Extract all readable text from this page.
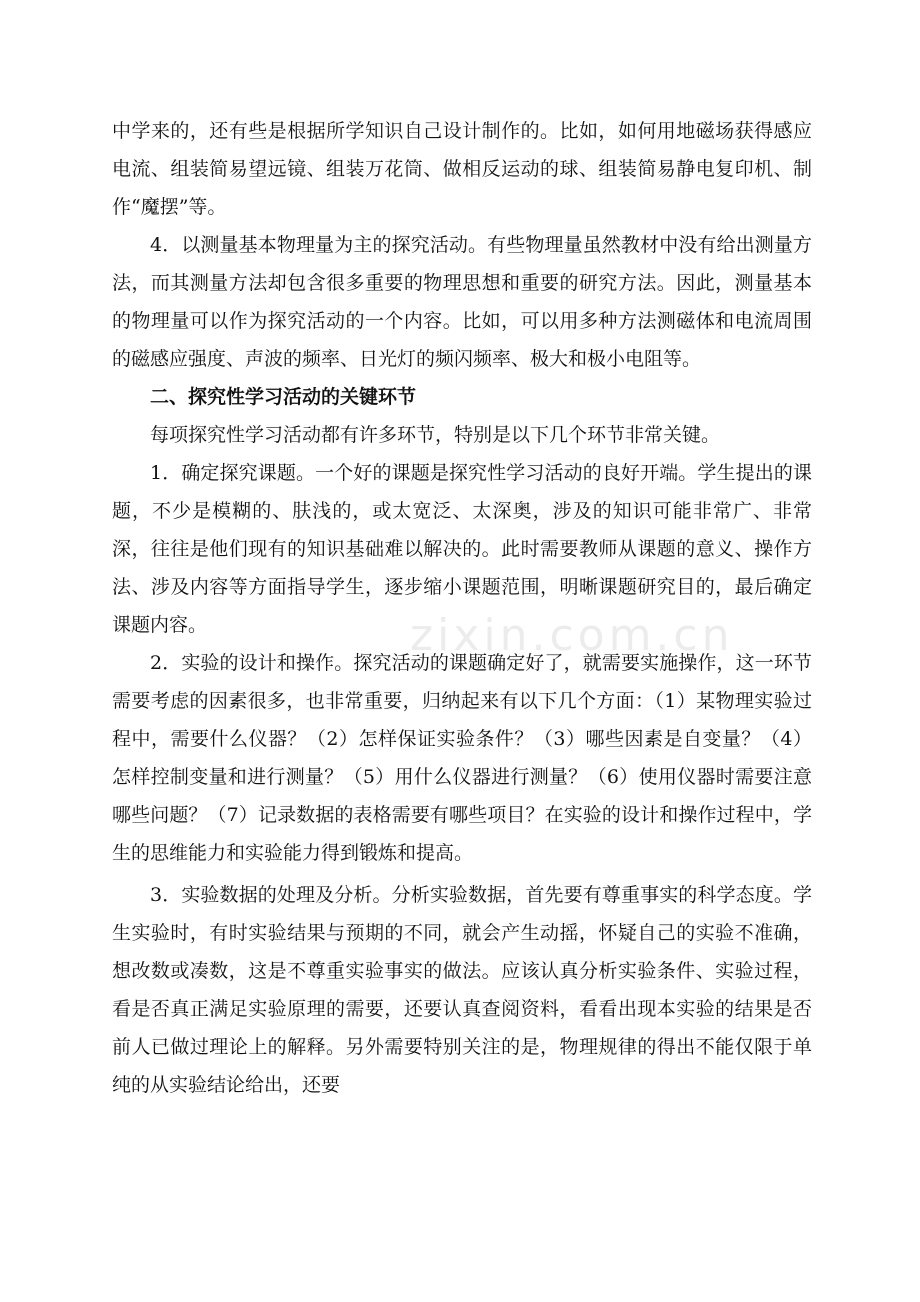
中学来的，还有些是根据所学知识自己设计制作的。比如，如何用地磁场获得感应电流、组装简易望远镜、组装万花筒、做相反运动的球、组装简易静电复印机、制作“魔摆”等。

4．以测量基本物理量为主的探究活动。有些物理量虽然教材中没有给出测量方法，而其测量方法却包含很多重要的物理思想和重要的研究方法。因此，测量基本的物理量可以作为探究活动的一个内容。比如，可以用多种方法测磁体和电流周围的磁感应强度、声波的频率、日光灯的频闪频率、极大和极小电阻等。

二、探究性学习活动的关键环节

每项探究性学习活动都有许多环节，特别是以下几个环节非常关键。

1．确定探究课题。一个好的课题是探究性学习活动的良好开端。学生提出的课题，不少是模糊的、肤浅的，或太宽泛、太深奥，涉及的知识可能非常广、非常深，往往是他们现有的知识基础难以解决的。此时需要教师从课题的意义、操作方法、涉及内容等方面指导学生，逐步缩小课题范围，明晰课题研究目的，最后确定课题内容。

2．实验的设计和操作。探究活动的课题确定好了，就需要实施操作，这一环节需要考虑的因素很多，也非常重要，归纳起来有以下几个方面：（1）某物理实验过程中，需要什么仪器？（2）怎样保证实验条件？（3）哪些因素是自变量？（4）怎样控制变量和进行测量？（5）用什么仪器进行测量？（6）使用仪器时需要注意哪些问题？（7）记录数据的表格需要有哪些项目？在实验的设计和操作过程中，学生的思维能力和实验能力得到锻炼和提高。

3．实验数据的处理及分析。分析实验数据，首先要有尊重事实的科学态度。学生实验时，有时实验结果与预期的不同，就会产生动摇，怀疑自己的实验不准确，想改数或凑数，这是不尊重实验事实的做法。应该认真分析实验条件、实验过程，看是否真正满足实验原理的需要，还要认真查阅资料，看看出现本实验的结果是否前人已做过理论上的解释。另外需要特别关注的是，物理规律的得出不能仅限于单纯的从实验结论给出，还要

zixin.com.cn
